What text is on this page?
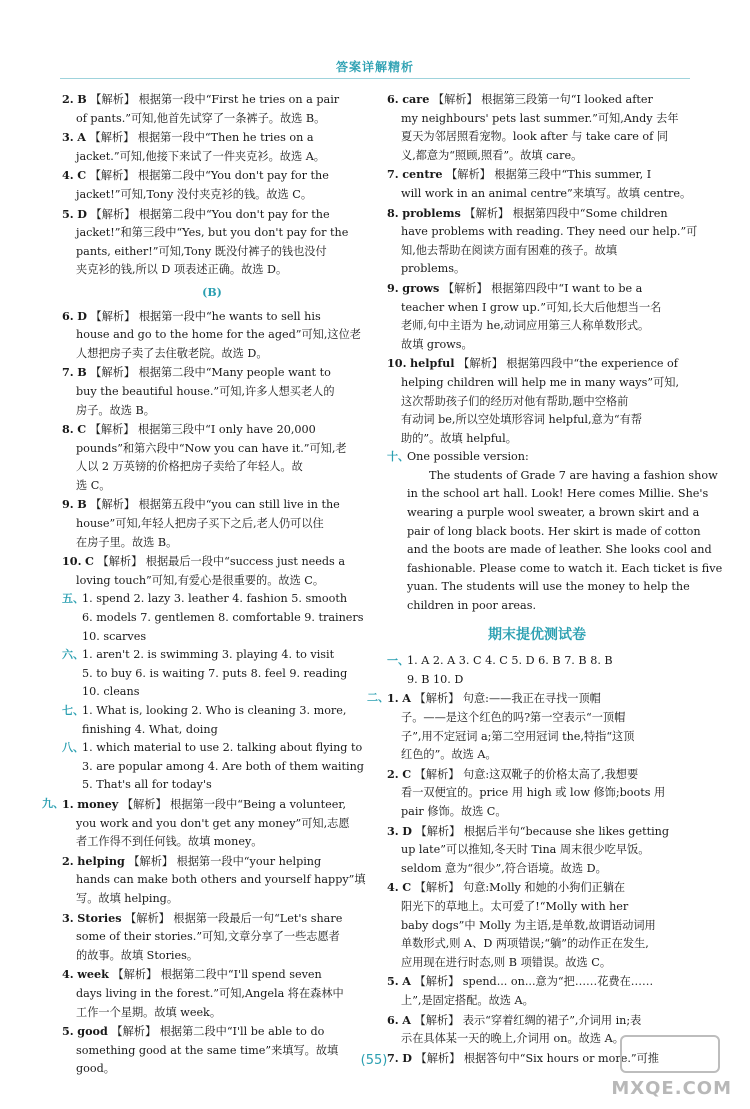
答案详解精析
2. B 【解析】 根据第一段中“First he tries on a pair
of pants.”可知,他首先试穿了一条裤子。故选 B。
3. A 【解析】 根据第一段中“Then he tries on a
jacket.”可知,他接下来试了一件夹克衫。故选 A。
4. C 【解析】 根据第二段中“You don't pay for the
jacket!”可知,Tony 没付夹克衫的钱。故选 C。
5. D 【解析】 根据第二段中“You don't pay for the
jacket!”和第三段中“Yes, but you don't pay for the
pants, either!”可知,Tony 既没付裤子的钱也没付
夹克衫的钱,所以 D 项表述正确。故选 D。
(B)
6. D 【解析】 根据第一段中“he wants to sell his
house and go to the home for the aged”可知,这位老
人想把房子卖了去住敬老院。故选 D。
7. B 【解析】 根据第二段中“Many people want to
buy the beautiful house.”可知,许多人想买老人的
房子。故选 B。
8. C 【解析】 根据第三段中“I only have 20,000
pounds”和第六段中“Now you can have it.”可知,老
人以 2 万英镑的价格把房子卖给了年轻人。故
选 C。
9. B 【解析】 根据第五段中“you can still live in the
house”可知,年轻人把房子买下之后,老人仍可以住
在房子里。故选 B。
10. C 【解析】 根据最后一段中“success just needs a
loving touch”可知,有爱心是很重要的。故选 C。
五、1. spend 2. lazy 3. leather 4. fashion 5. smooth
6. models 7. gentlemen 8. comfortable 9. trainers
10. scarves
六、1. aren't 2. is swimming 3. playing 4. to visit
5. to buy 6. is waiting 7. puts 8. feel 9. reading
10. cleans
七、1. What is, looking 2. Who is cleaning 3. more,
finishing 4. What, doing
八、1. which material to use 2. talking about flying to
3. are popular among 4. Are both of them waiting
5. That's all for today's
九、
1. money 【解析】 根据第一段中“Being a volunteer,
you work and you don't get any money”可知,志愿
者工作得不到任何钱。故填 money。
2. helping 【解析】 根据第一段中“your helping
hands can make both others and yourself happy”填
写。故填 helping。
3. Stories 【解析】 根据第一段最后一句“Let's share
some of their stories.”可知,文章分享了一些志愿者
的故事。故填 Stories。
4. week 【解析】 根据第二段中“I'll spend seven
days living in the forest.”可知,Angela 将在森林中
工作一个星期。故填 week。
5. good 【解析】 根据第二段中“I'll be able to do
something good at the same time”来填写。故填
good。
6. care 【解析】 根据第三段第一句“I looked after
my neighbours' pets last summer.”可知,Andy 去年
夏天为邻居照看宠物。look after 与 take care of 同
义,都意为“照顾,照看”。故填 care。
7. centre 【解析】 根据第三段中“This summer, I
will work in an animal centre”来填写。故填 centre。
8. problems 【解析】 根据第四段中“Some children
have problems with reading. They need our help.”可
知,他去帮助在阅读方面有困难的孩子。故填
problems。
9. grows 【解析】 根据第四段中“I want to be a
teacher when I grow up.”可知,长大后他想当一名
老师,句中主语为 he,动词应用第三人称单数形式。
故填 grows。
10. helpful 【解析】 根据第四段中“the experience of
helping children will help me in many ways”可知,
这次帮助孩子们的经历对他有帮助,题中空格前
有动词 be,所以空处填形容词 helpful,意为“有帮
助的”。故填 helpful。
十、One possible version:
The students of Grade 7 are having a fashion show
in the school art hall. Look! Here comes Millie. She's
wearing a purple wool sweater, a brown skirt and a
pair of long black boots. Her skirt is made of cotton
and the boots are made of leather. She looks cool and
fashionable. Please come to watch it. Each ticket is five
yuan. The students will use the money to help the
children in poor areas.
期末提优测试卷
一、1. A 2. A 3. C 4. C 5. D 6. B 7. B 8. B
9. B 10. D
二、
1. A 【解析】 句意:——我正在寻找一顶帽
子。——是这个红色的吗?第一空表示“一顶帽
子”,用不定冠词 a;第二空用冠词 the,特指“这顶
红色的”。故选 A。
2. C 【解析】 句意:这双靴子的价格太高了,我想要
看一双便宜的。price 用 high 或 low 修饰;boots 用
pair 修饰。故选 C。
3. D 【解析】 根据后半句“because she likes getting
up late”可以推知,冬天时 Tina 周末很少吃早饭。
seldom 意为“很少”,符合语境。故选 D。
4. C 【解析】 句意:Molly 和她的小狗们正躺在
阳光下的草地上。太可爱了!“Molly with her
baby dogs”中 Molly 为主语,是单数,故谓语动词用
单数形式,则 A、D 两项错误;“躺”的动作正在发生,
应用现在进行时态,则 B 项错误。故选 C。
5. A 【解析】 spend... on...意为“把……花费在……
上”,是固定搭配。故选 A。
6. A 【解析】 表示“穿着红绸的裙子”,介词用 in;表
示在具体某一天的晚上,介词用 on。故选 A。
7. D 【解析】 根据答句中“Six hours or more.”可推
(55)
MXQE.COM
